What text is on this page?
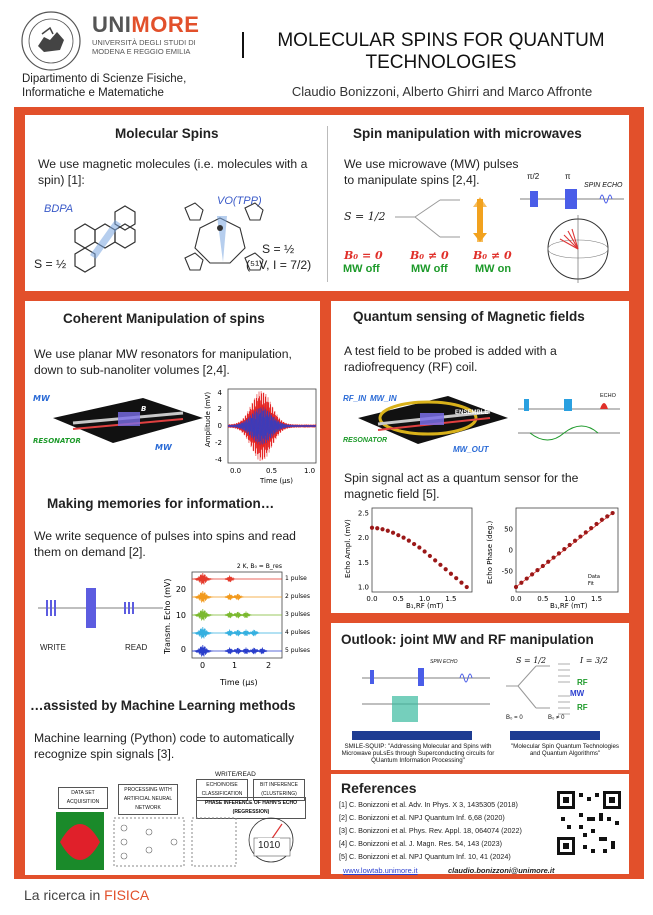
UNIMORE
UNIVERSITÀ DEGLI STUDI DI
MODENA E REGGIO EMILIA
Dipartimento di Scienze Fisiche,
Informatiche e Matematiche
MOLECULAR SPINS FOR QUANTUM
TECHNOLOGIES
Claudio Bonizzoni, Alberto Ghirri and Marco Affronte
Molecular Spins
We use magnetic molecules (i.e. molecules with a spin) [1]:
BDPA
VO(TPP)
S = ½
S = ½
(⁵¹V, I = 7/2)
Spin manipulation with microwaves
We use microwave (MW) pulses to manipulate spins [2,4].
S = 1/2
B₀ = 0 B₀ ≠ 0 B₀ ≠ 0
MW off	MW off MW on
π/2	π
SPIN ECHO
Coherent Manipulation of spins
We use planar MW resonators for manipulation, down to sub-nanoliter volumes [2,4].
MW
B
RESONATOR
MW
4
2
0
-2
-4
0.0	0.5	1.0
Time (μs)
Amplitude (mV)
Making memories for information…
We write sequence of pulses into spins and read them on demand [2].
WRITE	READ
2 K, B₀ = B_res
20
10
0
0	1	2
Time (μs)
Transm. Echo (mV)	1 pulse
2 pulses
3 pulses
4 pulses
5 pulses
…assisted by Machine Learning methods
Machine learning (Python) code to automatically recognize spin signals [3].
WRITE/READ
DATA SET ACQUISITION
PROCESSING WITH ARTIFICIAL NEURAL NETWORK
ECHO/NOISE CLASSIFICATION
BIT INFERENCE (CLUSTERING)
PHASE INFERENCE OF HAHN'S ECHO (REGRESSION)
1010
Quantum sensing of Magnetic fields
A test field to be probed is added with a radiofrequency (RF) coil.
RF_IN MW_IN
RESONATOR
MW_OUT
ENSEMBLE
ECHO
Spin signal act as a quantum sensor for the magnetic field [5].
2.5
2.0
1.5
1.0
0.0 0.5 1.0 1.5
Echo Ampl. (mV)
B₁,RF (mT)
50
0
-50
0.0 0.5 1.0 1.5
Echo Phase (deg.)
B₁,RF (mT)
Data
Fit
Outlook: joint MW and RF manipulation
SPIN ECHO	S = 1/2	I = 3/2
RF
MW
RF
B₀ = 0	B₀ ≠ 0
SMILE-SQUIP: "Addressing Molecular and Spins with Microwave puLsEs through Superconducting circuits for QUantum Information Processing"
"Molecular Spin Quantum Technologies and Quantum Algorithms"
References
[1] C. Bonizzoni et al. Adv. In Phys. X 3, 1435305 (2018)
[2] C. Bonizzoni et al. NPJ Quantum Inf. 6,68 (2020)
[3] C. Bonizzoni et al. Phys. Rev. Appl. 18, 064074 (2022)
[4] C. Bonizzoni et al. J. Magn. Res. 54, 143 (2023)
[5] C. Bonizzoni et al. NPJ Quantum Inf. 10, 41 (2024)
www.lowtab.unimore.it	claudio.bonizzoni@unimore.it
La ricerca in FISICA
